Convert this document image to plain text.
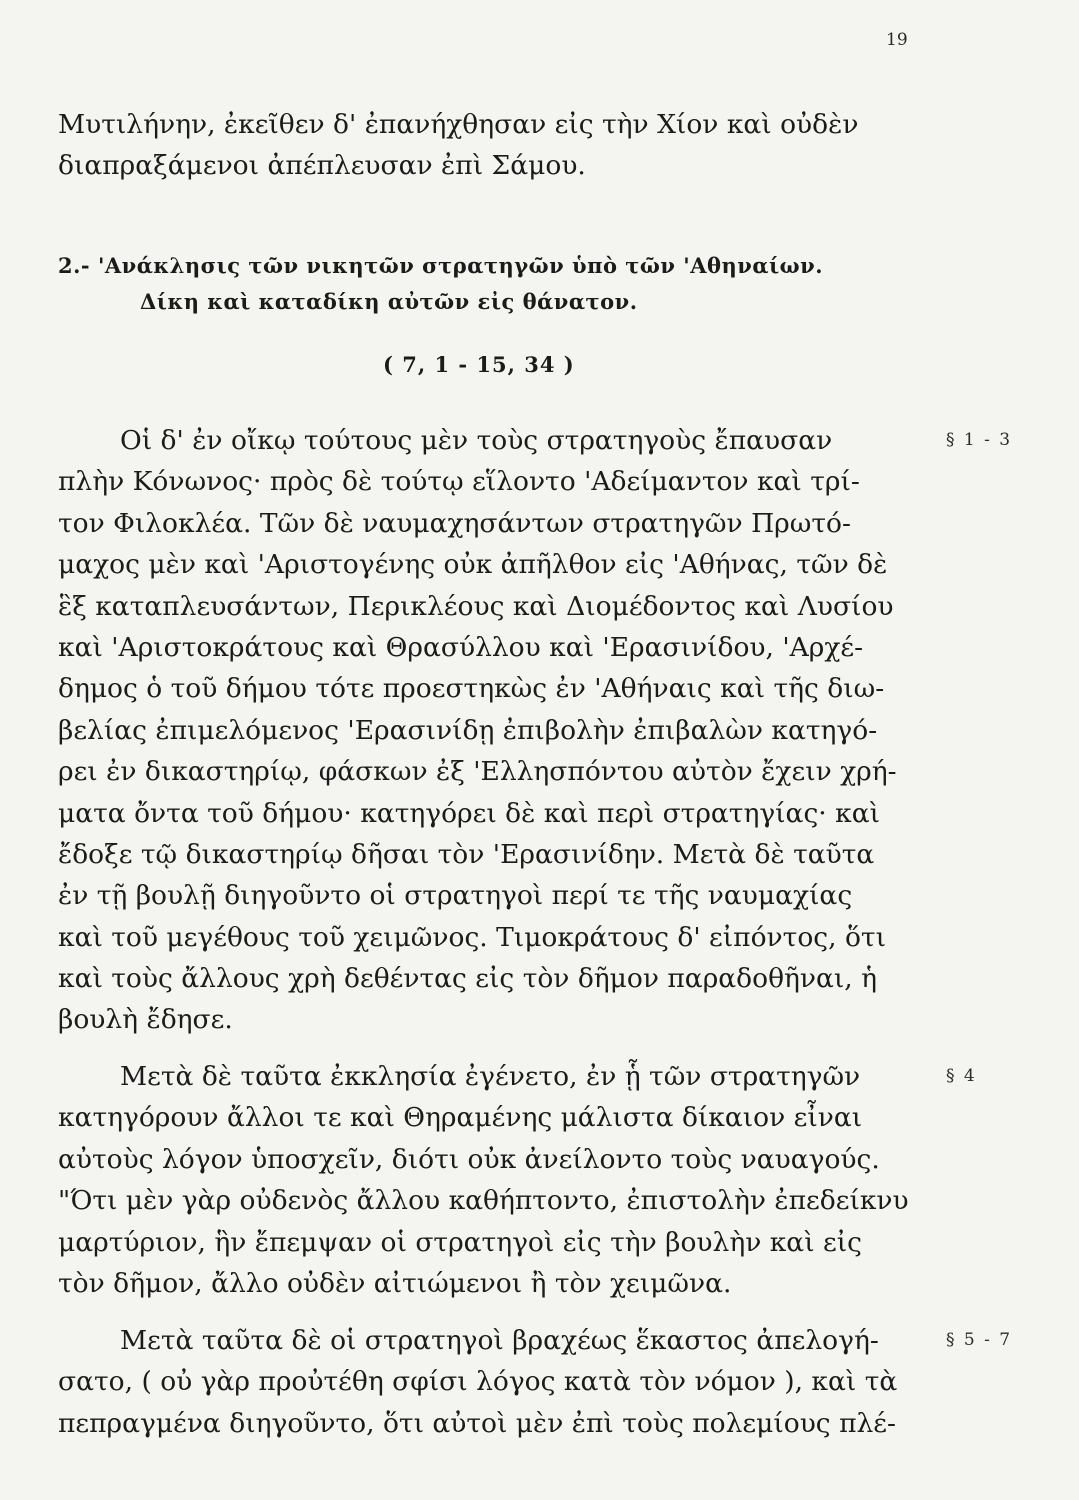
19
Μυτιλήνην, ἐκεῖθεν δ' ἐπανήχθησαν εἰς τὴν Χίον καὶ οὐδὲν
διαπραξάμενοι ἀπέπλευσαν ἐπὶ Σάμου.
2.- 'Ανάκλησις τῶν νικητῶν στρατηγῶν ὑπὸ τῶν 'Αθηναίων.
Δίκη καὶ καταδίκη αὐτῶν εἰς θάνατον.
( 7, 1 - 15, 34 )
Οἱ δ' ἐν οἴκῳ τούτους μὲν τοὺς στρατηγοὺς ἔπαυσαν
πλὴν Κόνωνος· πρὸς δὲ τούτῳ εἵλοντο 'Αδείμαντον καὶ τρί-
τον Φιλοκλέα. Τῶν δὲ ναυμαχησάντων στρατηγῶν Πρωτό-
μαχος μὲν καὶ 'Αριστογένης οὐκ ἀπῆλθον εἰς 'Αθήνας, τῶν δὲ
ἓξ καταπλευσάντων, Περικλέους καὶ Διομέδοντος καὶ Λυσίου
καὶ 'Αριστοκράτους καὶ Θρασύλλου καὶ 'Ερασινίδου, 'Αρχέ-
δημος ὁ τοῦ δήμου τότε προεστηκὼς ἐν 'Αθήναις καὶ τῆς διω-
βελίας ἐπιμελόμενος 'Ερασινίδῃ ἐπιβολὴν ἐπιβαλὼν κατηγό-
ρει ἐν δικαστηρίῳ, φάσκων ἐξ 'Ελλησπόντου αὐτὸν ἔχειν χρή-
ματα ὄντα τοῦ δήμου· κατηγόρει δὲ καὶ περὶ στρατηγίας· καὶ
ἔδοξε τῷ δικαστηρίῳ δῆσαι τὸν 'Ερασινίδην. Μετὰ δὲ ταῦτα
ἐν τῇ βουλῇ διηγοῦντο οἱ στρατηγοὶ περί τε τῆς ναυμαχίας
καὶ τοῦ μεγέθους τοῦ χειμῶνος. Τιμοκράτους δ' εἰπόντος, ὅτι
καὶ τοὺς ἄλλους χρὴ δεθέντας εἰς τὸν δῆμον παραδοθῆναι, ἡ
βουλὴ ἔδησε.
Μετὰ δὲ ταῦτα ἐκκλησία ἐγένετο, ἐν ᾗ τῶν στρατηγῶν
κατηγόρουν ἄλλοι τε καὶ Θηραμένης μάλιστα δίκαιον εἶναι
αὐτοὺς λόγον ὑποσχεῖν, διότι οὐκ ἀνείλοντο τοὺς ναυαγούς.
"Ότι μὲν γὰρ οὐδενὸς ἄλλου καθήπτοντο, ἐπιστολὴν ἐπεδείκνυ
μαρτύριον, ἣν ἔπεμψαν οἱ στρατηγοὶ εἰς τὴν βουλὴν καὶ εἰς
τὸν δῆμον, ἄλλο οὐδὲν αἰτιώμενοι ἢ τὸν χειμῶνα.
Μετὰ ταῦτα δὲ οἱ στρατηγοὶ βραχέως ἕκαστος ἀπελογή-
σατο, ( οὐ γὰρ προὐτέθη σφίσι λόγος κατὰ τὸν νόμον ), καὶ τὰ
πεπραγμένα διηγοῦντο, ὅτι αὐτοὶ μὲν ἐπὶ τοὺς πολεμίους πλέ-
§ 1 - 3
§ 4
§ 5 - 7
